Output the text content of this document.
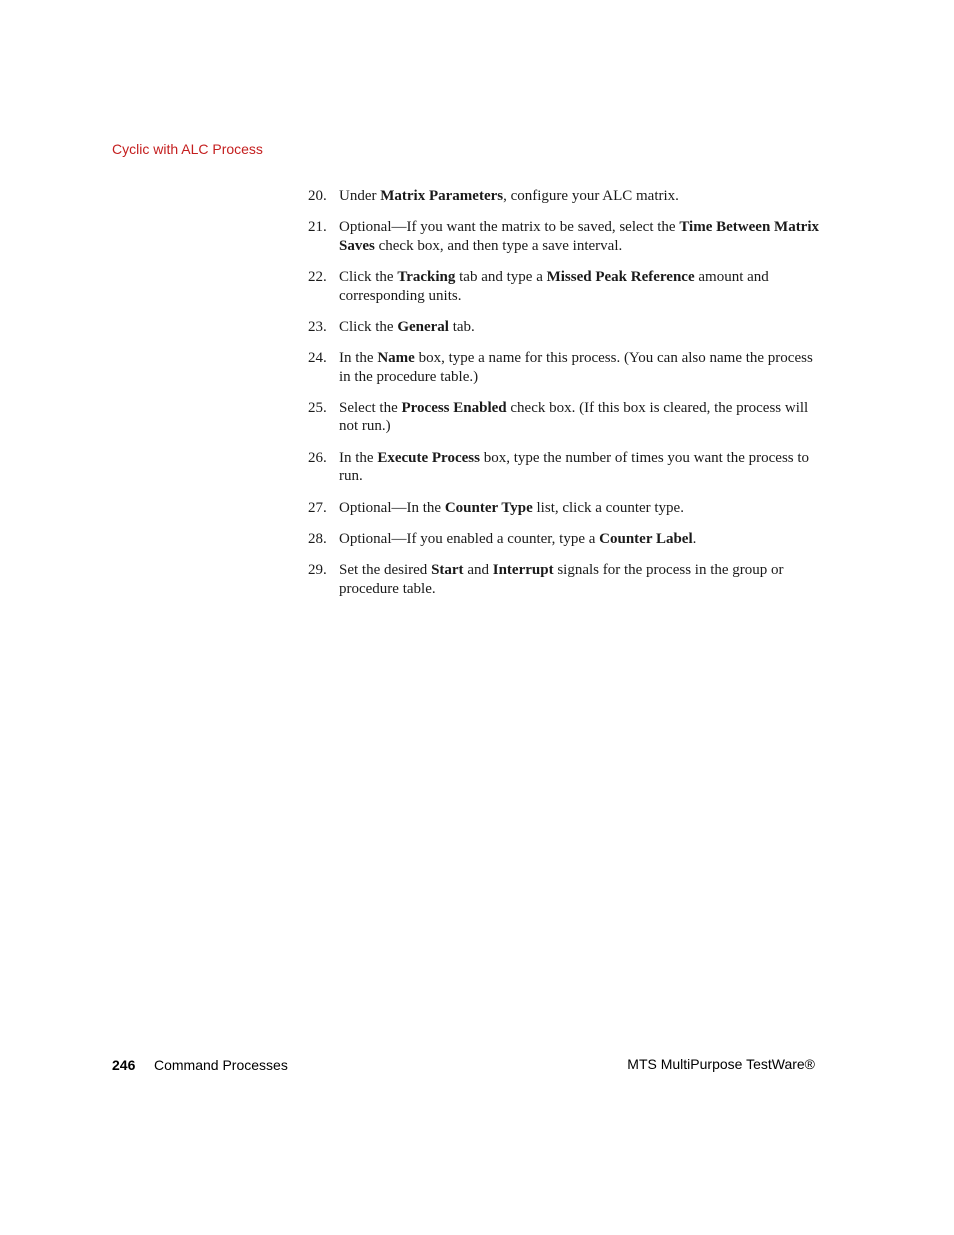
Cyclic with ALC Process
20. Under Matrix Parameters, configure your ALC matrix.
21. Optional—If you want the matrix to be saved, select the Time Between Matrix Saves check box, and then type a save interval.
22. Click the Tracking tab and type a Missed Peak Reference amount and corresponding units.
23. Click the General tab.
24. In the Name box, type a name for this process. (You can also name the process in the procedure table.)
25. Select the Process Enabled check box. (If this box is cleared, the process will not run.)
26. In the Execute Process box, type the number of times you want the process to run.
27. Optional—In the Counter Type list, click a counter type.
28. Optional—If you enabled a counter, type a Counter Label.
29. Set the desired Start and Interrupt signals for the process in the group or procedure table.
246 Command Processes	MTS MultiPurpose TestWare®
